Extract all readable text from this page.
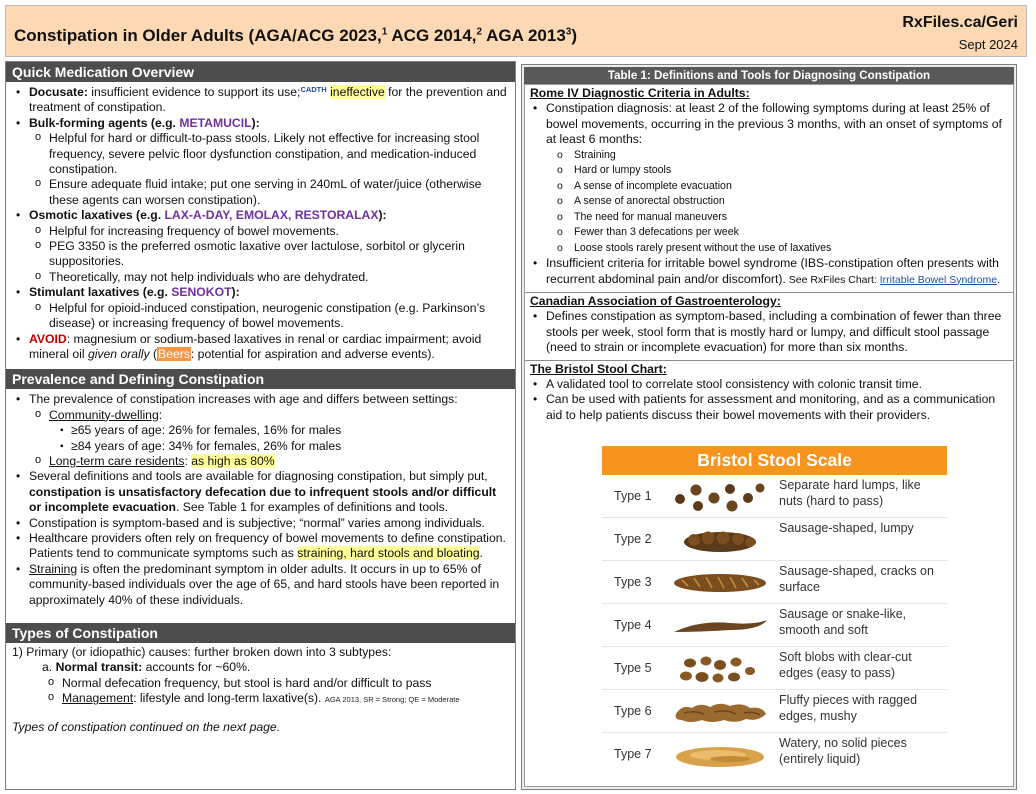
Constipation in Older Adults (AGA/ACG 2023,$^1$ ACG 2014,$^2$ AGA 2013$^3$)
RxFiles.ca/Geri
Sept 2024
Quick Medication Overview
• Docusate: insufficient evidence to support its use;$^{CADTH}$ ineffective for the prevention and treatment of constipation.
• Bulk-forming agents (e.g. METAMUCIL):
o Helpful for hard or difficult-to-pass stools. Likely not effective for increasing stool frequency, severe pelvic floor dysfunction constipation, and medication-induced constipation.
o Ensure adequate fluid intake; put one serving in 240mL of water/juice (otherwise these agents can worsen constipation).
• Osmotic laxatives (e.g. LAX-A-DAY, EMOLAX, RESTORALAX):
o Helpful for increasing frequency of bowel movements.
o PEG 3350 is the preferred osmotic laxative over lactulose, sorbitol or glycerin suppositories.
o Theoretically, may not help individuals who are dehydrated.
• Stimulant laxatives (e.g. SENOKOT):
o Helpful for opioid-induced constipation, neurogenic constipation (e.g. Parkinson’s disease) or increasing frequency of bowel movements.
• AVOID: magnesium or sodium-based laxatives in renal or cardiac impairment; avoid mineral oil given orally (Beers: potential for aspiration and adverse events).
Prevalence and Defining Constipation
• The prevalence of constipation increases with age and differs between settings:
o Community-dwelling:
▪ ≥65 years of age: 26% for females, 16% for males
▪ ≥84 years of age: 34% for females, 26% for males
o Long-term care residents: as high as 80%
• Several definitions and tools are available for diagnosing constipation, but simply put, constipation is unsatisfactory defecation due to infrequent stools and/or difficult or incomplete evacuation. See Table 1 for examples of definitions and tools.
• Constipation is symptom-based and is subjective; “normal” varies among individuals.
• Healthcare providers often rely on frequency of bowel movements to define constipation. Patients tend to communicate symptoms such as straining, hard stools and bloating.
• Straining is often the predominant symptom in older adults. It occurs in up to 65% of community-based individuals over the age of 65, and hard stools have been reported in approximately 40% of these individuals.
Types of Constipation
1) Primary (or idiopathic) causes: further broken down into 3 subtypes:
a. Normal transit: accounts for ~60%.
o Normal defecation frequency, but stool is hard and/or difficult to pass
o Management: lifestyle and long-term laxative(s). AGA 2013, SR = Strong; QE = Moderate
Types of constipation continued on the next page.
Table 1: Definitions and Tools for Diagnosing Constipation
Rome IV Diagnostic Criteria in Adults:
• Constipation diagnosis: at least 2 of the following symptoms during at least 25% of bowel movements, occurring in the previous 3 months, with an onset of symptoms of at least 6 months:
o Straining
o Hard or lumpy stools
o A sense of incomplete evacuation
o A sense of anorectal obstruction
o The need for manual maneuvers
o Fewer than 3 defecations per week
o Loose stools rarely present without the use of laxatives
• Insufficient criteria for irritable bowel syndrome (IBS-constipation often presents with recurrent abdominal pain and/or discomfort). See RxFiles Chart: Irritable Bowel Syndrome.
Canadian Association of Gastroenterology:
• Defines constipation as symptom-based, including a combination of fewer than three stools per week, stool form that is mostly hard or lumpy, and difficult stool passage (need to strain or incomplete evacuation) for more than six months.
The Bristol Stool Chart:
• A validated tool to correlate stool consistency with colonic transit time.
• Can be used with patients for assessment and monitoring, and as a communication aid to help patients discuss their bowel movements with their providers.
Bristol Stool Scale
Type 1
Separate hard lumps, like nuts (hard to pass)
Type 2
Sausage-shaped, lumpy
Type 3
Sausage-shaped, cracks on surface
Type 4
Sausage or snake-like, smooth and soft
Type 5
Soft blobs with clear-cut edges (easy to pass)
Type 6
Fluffy pieces with ragged edges, mushy
Type 7
Watery, no solid pieces (entirely liquid)
